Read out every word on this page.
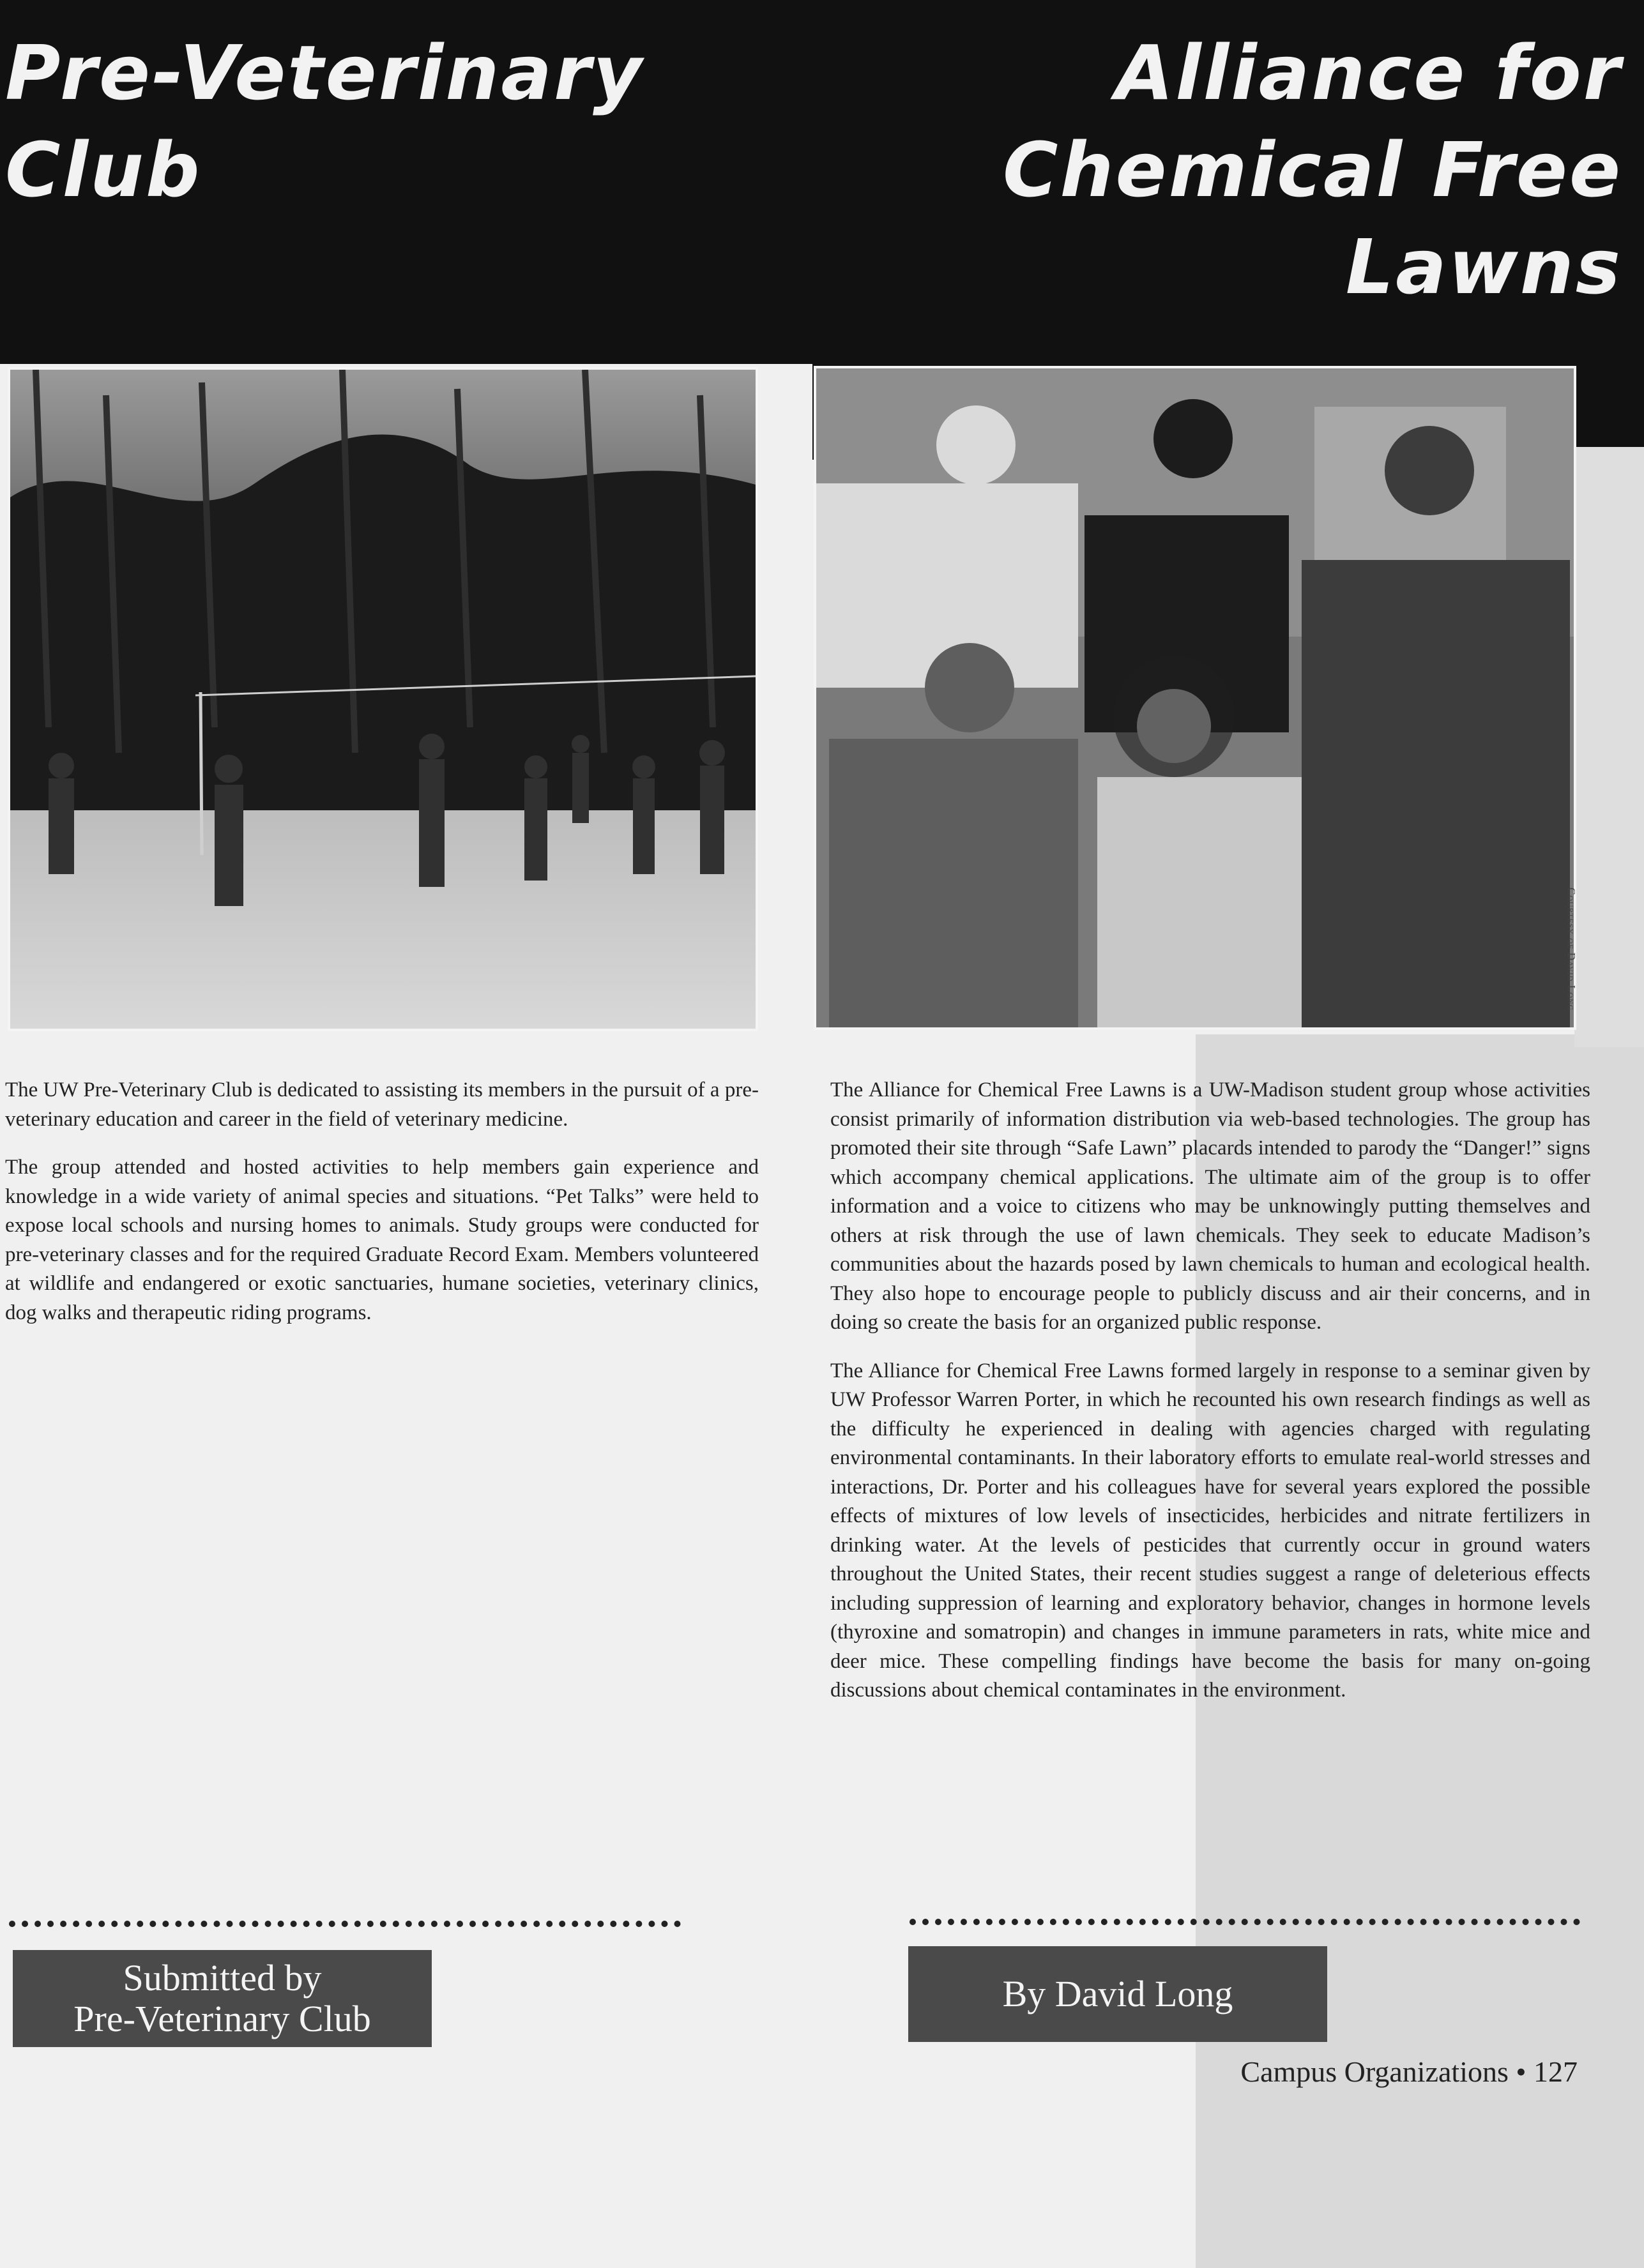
Pre-Veterinary
Club
Alliance for
Chemical Free
Lawns
Courtesy of David Long

The UW Pre-Veterinary Club is dedicated to assisting its members in the pursuit of a pre-veterinary education and career in the field of veterinary medicine.

The group attended and hosted activities to help members gain experience and knowledge in a wide variety of animal species and situations. “Pet Talks” were held to expose local schools and nursing homes to animals. Study groups were conducted for pre-veterinary classes and for the required Graduate Record Exam. Members volunteered at wildlife and endangered or exotic sanctuaries, humane societies, veterinary clinics, dog walks and therapeutic riding programs.

The Alliance for Chemical Free Lawns is a UW-Madison student group whose activities consist primarily of information distribution via web-based technologies. The group has promoted their site through “Safe Lawn” placards intended to parody the “Danger!” signs which accompany chemical applications. The ultimate aim of the group is to offer information and a voice to citizens who may be unknowingly putting themselves and others at risk through the use of lawn chemicals. They seek to educate Madison’s communities about the hazards posed by lawn chemicals to human and ecological health. They also hope to encourage people to publicly discuss and air their concerns, and in doing so create the basis for an organized public response.

The Alliance for Chemical Free Lawns formed largely in response to a seminar given by UW Professor Warren Porter, in which he recounted his own research findings as well as the difficulty he experienced in dealing with agencies charged with regulating environmental contaminants. In their laboratory efforts to emulate real-world stresses and interactions, Dr. Porter and his colleagues have for several years explored the possible effects of mixtures of low levels of insecticides, herbicides and nitrate fertilizers in drinking water. At the levels of pesticides that currently occur in ground waters throughout the United States, their recent studies suggest a range of deleterious effects including suppression of learning and exploratory behavior, changes in hormone levels (thyroxine and somatropin) and changes in immune parameters in rats, white mice and deer mice. These compelling findings have become the basis for many on-going discussions about chemical contaminates in the environment.

Submitted by
Pre-Veterinary Club
By David Long
Campus Organizations • 127
